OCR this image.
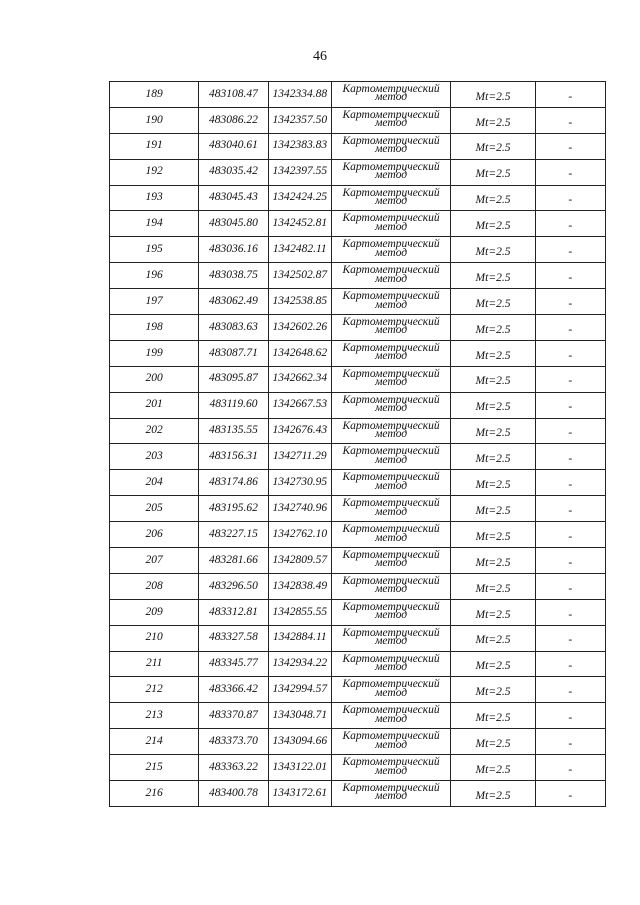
46
189	483108.47	1342334.88	Картометрический
метод	Mt=2.5	-

190	483086.22	1342357.50	Картометрический
метод	Mt=2.5	-

191	483040.61	1342383.83	Картометрический
метод	Mt=2.5	-

192	483035.42	1342397.55	Картометрический
метод	Mt=2.5	-

193	483045.43	1342424.25	Картометрический
метод	Mt=2.5	-

194	483045.80	1342452.81	Картометрический
метод	Mt=2.5	-

195	483036.16	1342482.11	Картометрический
метод	Mt=2.5	-

196	483038.75	1342502.87	Картометрический
метод	Mt=2.5	-

197	483062.49	1342538.85	Картометрический
метод	Mt=2.5	-

198	483083.63	1342602.26	Картометрический
метод	Mt=2.5	-

199	483087.71	1342648.62	Картометрический
метод	Mt=2.5	-

200	483095.87	1342662.34	Картометрический
метод	Mt=2.5	-

201	483119.60	1342667.53	Картометрический
метод	Mt=2.5	-

202	483135.55	1342676.43	Картометрический
метод	Mt=2.5	-

203	483156.31	1342711.29	Картометрический
метод	Mt=2.5	-

204	483174.86	1342730.95	Картометрический
метод	Mt=2.5	-

205	483195.62	1342740.96	Картометрический
метод	Mt=2.5	-

206	483227.15	1342762.10	Картометрический
метод	Mt=2.5	-

207	483281.66	1342809.57	Картометрический
метод	Mt=2.5	-

208	483296.50	1342838.49	Картометрический
метод	Mt=2.5	-

209	483312.81	1342855.55	Картометрический
метод	Mt=2.5	-

210	483327.58	1342884.11	Картометрический
метод	Mt=2.5	-

211	483345.77	1342934.22	Картометрический
метод	Mt=2.5	-

212	483366.42	1342994.57	Картометрический
метод	Mt=2.5	-

213	483370.87	1343048.71	Картометрический
метод	Mt=2.5	-

214	483373.70	1343094.66	Картометрический
метод	Mt=2.5	-

215	483363.22	1343122.01	Картометрический
метод	Mt=2.5	-

216	483400.78	1343172.61	Картометрический
метод	Mt=2.5	-
